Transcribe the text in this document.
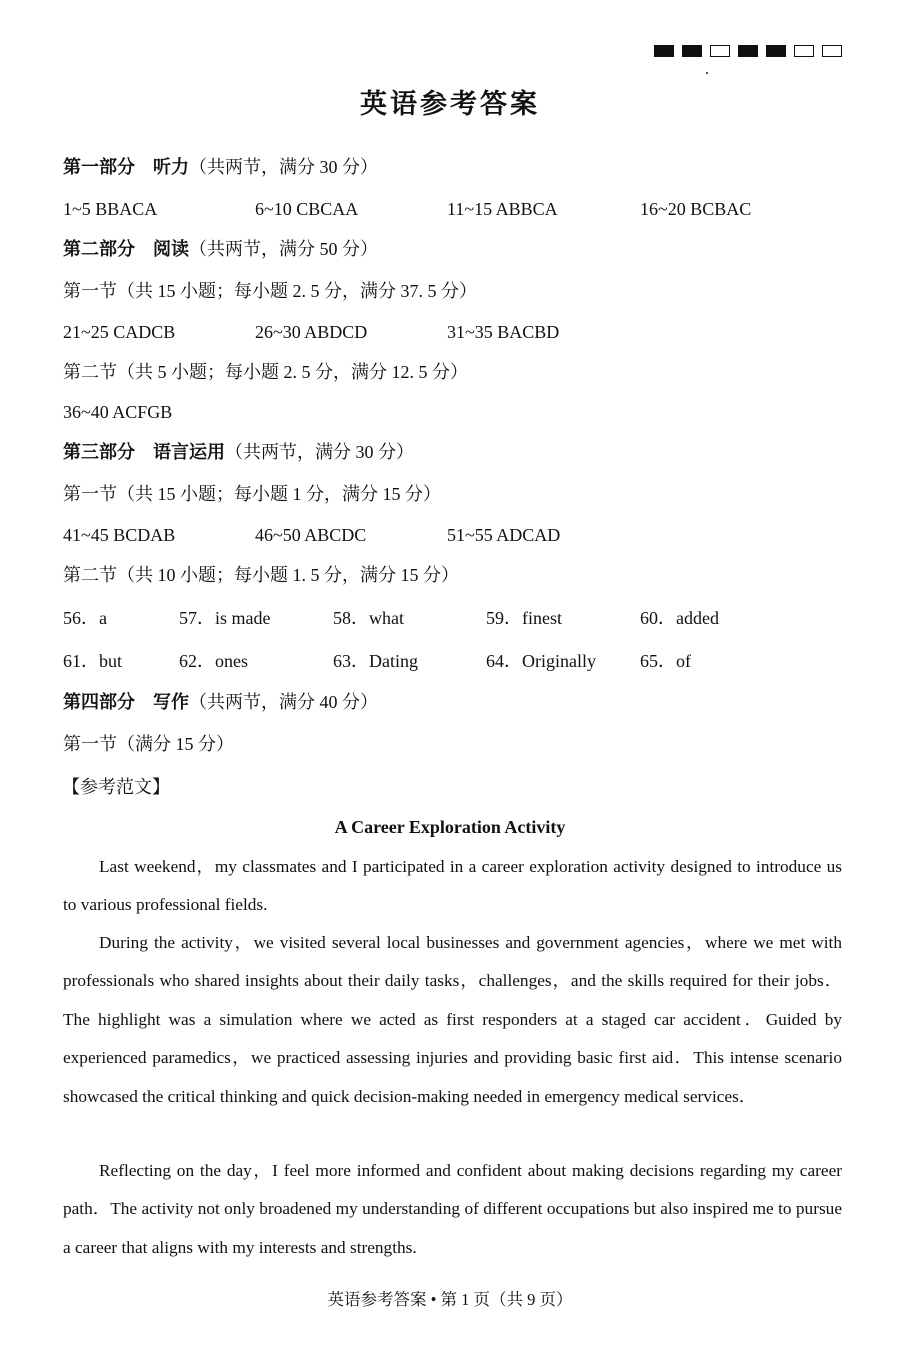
英语参考答案
第一部分 听力（共两节，满分 30 分）
1~5 BBACA	6~10 CBCAA	11~15 ABBCA	16~20 BCBAC
第二部分 阅读（共两节，满分 50 分）
第一节（共 15 小题；每小题 2. 5 分，满分 37. 5 分）
21~25 CADCB	26~30 ABDCD	31~35 BACBD
第二节（共 5 小题；每小题 2. 5 分，满分 12. 5 分）
36~40 ACFGB
第三部分 语言运用（共两节，满分 30 分）
第一节（共 15 小题；每小题 1 分，满分 15 分）
41~45 BCDAB	46~50 ABCDC	51~55 ADCAD
第二节（共 10 小题；每小题 1. 5 分，满分 15 分）
56．a	57．is made	58．what	59．finest	60．added
61．but	62．ones	63．Dating	64．Originally 65．of
第四部分 写作（共两节，满分 40 分）
第一节（满分 15 分）
【参考范文】
A Career Exploration Activity

Last weekend，my classmates and I participated in a career exploration activity designed to introduce us to various professional fields.

During the activity，we visited several local businesses and government agencies，where we met with professionals who shared insights about their daily tasks，challenges，and the skills required for their jobs．The highlight was a simulation where we acted as first responders at a staged car accident．Guided by experienced paramedics，we practiced assessing injuries and providing basic first aid．This intense scenario showcased the critical thinking and quick decision-making needed in emergency medical services．

Reflecting on the day，I feel more informed and confident about making decisions regarding my career path．The activity not only broadened my understanding of different occupations but also inspired me to pursue a career that aligns with my interests and strengths.

英语参考答案 • 第 1 页（共 9 页）
